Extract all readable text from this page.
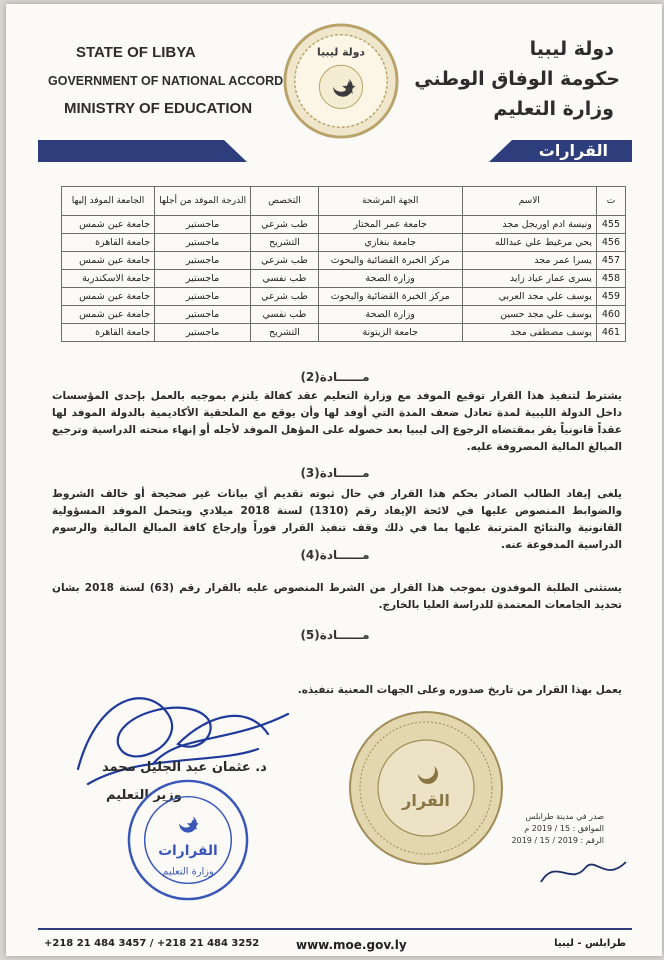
STATE OF LIBYA
GOVERNMENT OF NATIONAL ACCORD
MINISTRY OF EDUCATION
دولة ليبيا	دولة ليبيا
حكومة الوفاق الوطني
وزارة التعليم
القرارات
ت	الاسم	الجهة المرشحة	التخصص	الدرجة الموفد من أجلها	الجامعة الموفد إليها
455	ونيسة ادم اوريجل مجد	جامعة عمر المختار	طب شرعي	ماجستير	جامعة عين شمس
456	يحي مرغيط علي عبدالله	جامعة بنغازي	التشريح	ماجستير	جامعة القاهرة
457	يسرا عمر مجد	مركز الخبرة القضائية والبحوث	طب شرعي	ماجستير	جامعة عين شمس
458	يسرى عمار عياد زايد	وزارة الصحة	طب نفسي	ماجستير	جامعة الاسكندرية
459	يوسف علي مجد العربي	مركز الخبرة القضائية والبحوث	طب شرعي	ماجستير	جامعة عين شمس
460	يوسف علي مجد حسين	وزارة الصحة	طب نفسي	ماجستير	جامعة عين شمس
461	يوسف مصطفى مجد	جامعة الزيتونة	التشريح	ماجستير	جامعة القاهرة
مــــــادة(2)
يشترط لتنفيذ هذا القرار توقيع الموفد مع وزارة التعليم عقد كفالة يلتزم بموجبه بالعمل بإحدى المؤسسات داخل الدولة الليبية لمدة تعادل ضعف المدة التي أوفد لها وأن يوقع مع الملحقية الأكاديمية بالدولة الموفد لها عقداً قانونياً يقر بمقتضاه الرجوع إلى ليبيا بعد حصوله على المؤهل الموفد لأجله أو إنهاء منحته الدراسية وترجيع المبالغ المالية المصروفة عليه.
مــــــادة(3)
يلغى إيفاد الطالب الصادر بحكم هذا القرار في حال ثبوته تقديم أي بيانات غير صحيحة أو خالف الشروط والضوابط المنصوص عليها في لائحة الإيفاد رقم (1310) لسنة 2018 ميلادي ويتحمل الموفد المسؤولية القانونية والنتائج المترتبة عليها بما في ذلك وقف تنفيذ القرار فوراً وإرجاع كافة المبالغ المالية والرسوم الدراسية المدفوعة عنه.
مــــــادة(4)
يستثنى الطلبة الموفدون بموجب هذا القرار من الشرط المنصوص عليه بالقرار رقم (63) لسنة 2018 بشان تحديد الجامعات المعتمدة للدراسة العليا بالخارج.
مــــــادة(5)
يعمل بهذا القرار من تاريخ صدوره وعلى الجهات المعنية تنفيذه.
د. عثمان عبد الجليل محمد
وزير التعليم
القرارات
وزارة التعليم
القرار
صدر في مدينة طرابلس
الموافق : 15 / 2019 م
الرقم : 2019 / 15 / 2019
+218 21 484 3457 / +218 21 484 3252	www.moe.gov.ly	طرابلس - ليبيا
